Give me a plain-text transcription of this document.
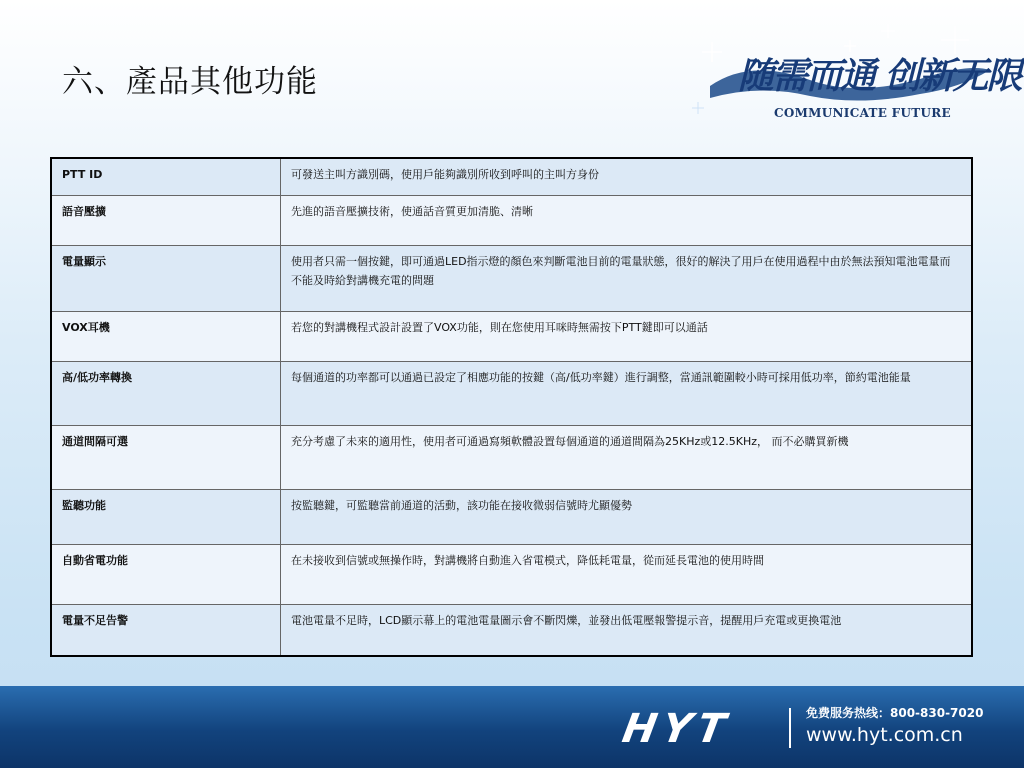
六、產品其他功能	随需而通 创新无限
COMMUNICATE FUTURE
PTT ID	可發送主叫方識別碼，使用戶能夠識別所收到呼叫的主叫方身份
語音壓擴	先進的語音壓擴技術，使通話音質更加清脆、清晰
電量顯示	使用者只需一個按鍵，即可通過LED指示燈的顏色來判斷電池目前的電量狀態，很好的解決了用戶在使用過程中由於無法預知電池電量而不能及時給對講機充電的問題
VOX耳機	若您的對講機程式設計設置了VOX功能，則在您使用耳咪時無需按下PTT鍵即可以通話
高/低功率轉換	每個通道的功率都可以通過已設定了相應功能的按鍵（高/低功率鍵）進行調整，當通訊範圍較小時可採用低功率，節約電池能量
通道間隔可選	充分考慮了未來的適用性，使用者可通過寫頻軟體設置每個通道的通道間隔為25KHz或12.5KHz， 而不必購買新機
監聽功能	按監聽鍵，可監聽當前通道的活動，該功能在接收微弱信號時尤顯優勢
自動省電功能	在未接收到信號或無操作時，對講機將自動進入省電模式，降低耗電量，從而延長電池的使用時間
電量不足告警	電池電量不足時，LCD顯示幕上的電池電量圖示會不斷閃爍，並發出低電壓報警提示音，提醒用戶充電或更換電池
HYT	免费服务热线：800-830-7020
www.hyt.com.cn
